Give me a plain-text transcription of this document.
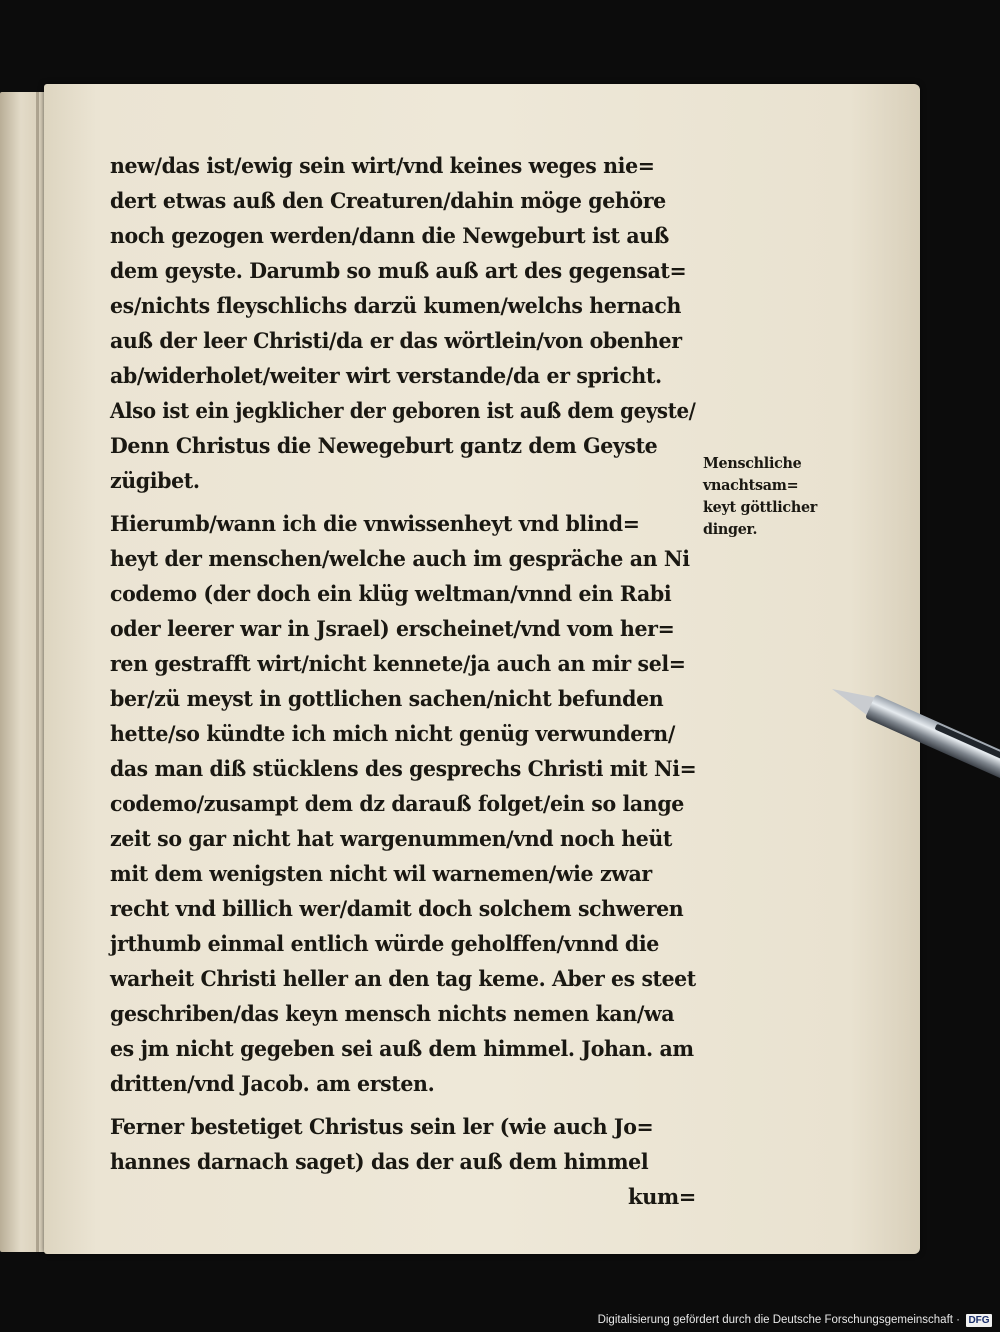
new/das ist/ewig sein wirt/vnd keines weges nie=
dert etwas auß den Creaturen/dahin möge gehöre
noch gezogen werden/dann die Newgeburt ist auß
dem geyste. Darumb so muß auß art des gegensat=
es/nichts fleyschlichs darzü kumen/welchs hernach
auß der leer Christi/da er das wörtlein/von obenher
ab/widerholet/weiter wirt verstande/da er spricht.
Also ist ein jegklicher der geboren ist auß dem geyste/
Denn Christus die Newegeburt gantz dem Geyste
zügibet.
Hierumb/wann ich die vnwissenheyt vnd blind=
heyt der menschen/welche auch im gespräche an Ni
codemo (der doch ein klüg weltman/vnnd ein Rabi
oder leerer war in Jsrael) erscheinet/vnd vom her=
ren gestrafft wirt/nicht kennete/ja auch an mir sel=
ber/zü meyst in gottlichen sachen/nicht befunden
hette/so kündte ich mich nicht genüg verwundern/
das man diß stücklens des gesprechs Christi mit Ni=
codemo/zusampt dem dz darauß folget/ein so lange
zeit so gar nicht hat wargenummen/vnd noch heüt
mit dem wenigsten nicht wil warnemen/wie zwar
recht vnd billich wer/damit doch solchem schweren
jrthumb einmal entlich würde geholffen/vnnd die
warheit Christi heller an den tag keme. Aber es steet
geschriben/das keyn mensch nichts nemen kan/wa
es jm nicht gegeben sei auß dem himmel. Johan. am
dritten/vnd Jacob. am ersten.
Ferner bestetiget Christus sein ler (wie auch Jo=
hannes darnach saget) das der auß dem himmel
kum=
Menschliche
vnachtsam=
keyt göttlicher
dinger.
Digitalisierung gefördert durch die Deutsche Forschungsgemeinschaft · DFG
